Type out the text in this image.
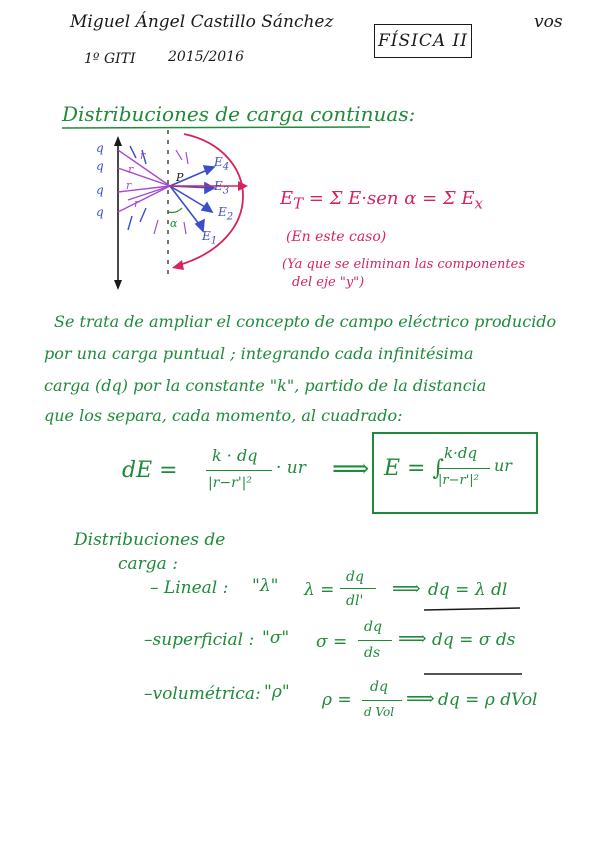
Miguel Ángel Castillo Sánchez
1º GITI 2015/2016
FÍSICA II
vos
Distribuciones de carga continuas:
q
q
q
q
r
r
r
r
P
α
$E_4$
$E_3$
$E_2$
$E_1$
$E_T = \Sigma$ E·sen α = Σ $E_x$
(En este caso)
(Ya que se eliminan las componentes
del eje "y")
Se trata de ampliar el concepto de campo eléctrico producido
por una carga puntual ; integrando cada infinitésima
carga (dq) por la constante "k", partido de la distancia
que los separa, cada momento, al cuadrado:
dE =
k · dq
|r−r'|²
· ur ⟹ E = ∫
k·dq
|r−r'|²
ur
Distribuciones de
carga :
– Lineal : "λ" λ =
dq
dl'
⟹ dq = λ dl
–superficial : "σ" σ =
dq
ds
⟹ dq = σ ds
–volumétrica: "ρ" ρ =
dq
d Vol
⟹ dq = ρ dVol
